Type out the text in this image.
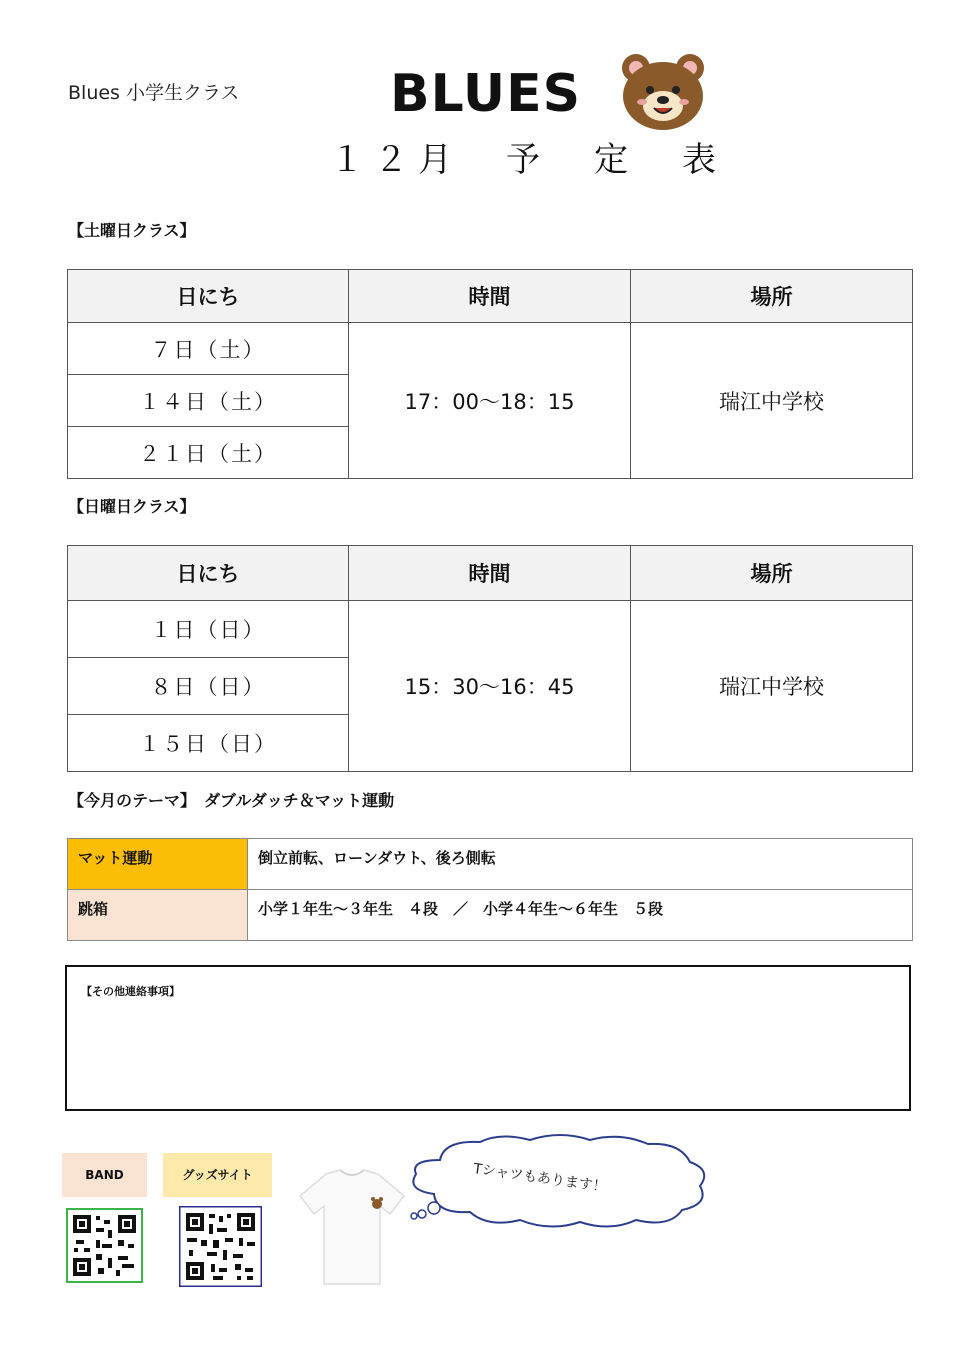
Blues 小学生クラス	BLUES
１２月　予　定　表
【土曜日クラス】
日にち	時間	場所
７日（土）	17：00～18：15	瑞江中学校
１４日（土）		
２１日（土）		
【日曜日クラス】
日にち	時間	場所
１日（日）	15：30～16：45	瑞江中学校
８日（日）		
１５日（日）		
【今月のテーマ】　ダブルダッチ＆マット運動
マット運動	倒立前転、ローンダウト、後ろ側転
跳箱	小学１年生～３年生　４段　／　小学４年生～６年生　５段
【その他連絡事項】
BAND	グッズサイト	Tシャツもあります！
